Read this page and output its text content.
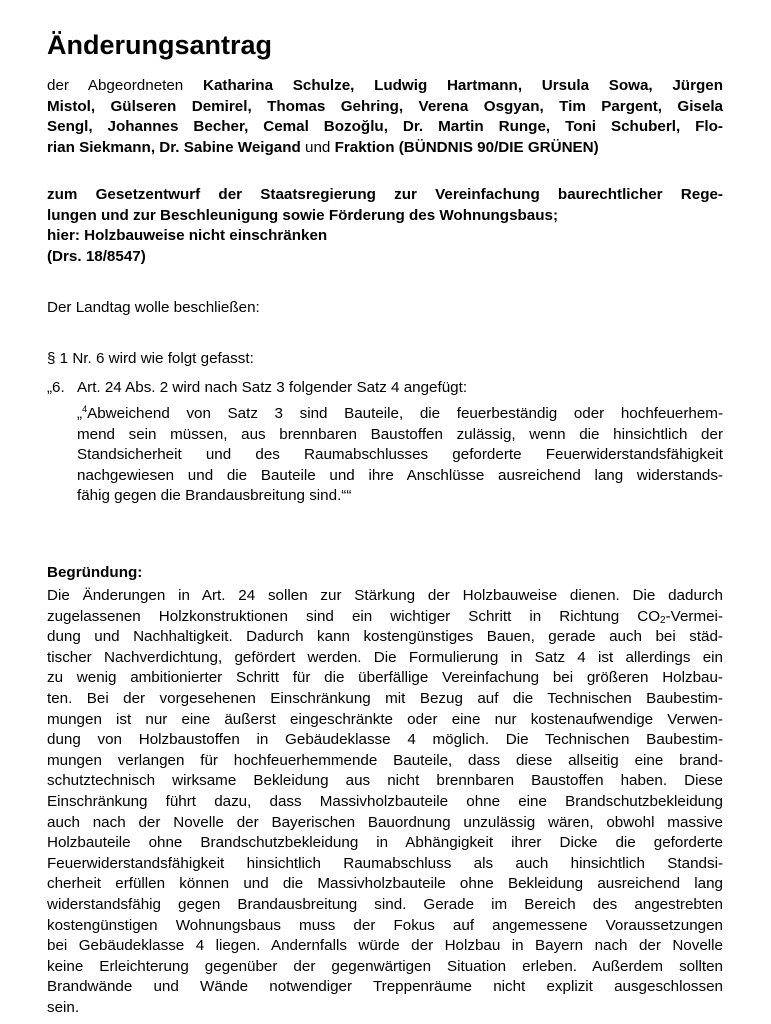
Änderungsantrag
der Abgeordneten Katharina Schulze, Ludwig Hartmann, Ursula Sowa, Jürgen
Mistol, Gülseren Demirel, Thomas Gehring, Verena Osgyan, Tim Pargent, Gisela
Sengl, Johannes Becher, Cemal Bozoğlu, Dr. Martin Runge, Toni Schuberl, Flo-
rian Siekmann, Dr. Sabine Weigand und Fraktion (BÜNDNIS 90/DIE GRÜNEN)
zum Gesetzentwurf der Staatsregierung zur Vereinfachung baurechtlicher Rege-
lungen und zur Beschleunigung sowie Förderung des Wohnungsbaus;
hier: Holzbauweise nicht einschränken
(Drs. 18/8547)
Der Landtag wolle beschließen:
§ 1 Nr. 6 wird wie folgt gefasst:
„6. Art. 24 Abs. 2 wird nach Satz 3 folgender Satz 4 angefügt:
„$^4$Abweichend von Satz 3 sind Bauteile, die feuerbeständig oder hochfeuerhem-
mend sein müssen, aus brennbaren Baustoffen zulässig, wenn die hinsichtlich der
Standsicherheit und des Raumabschlusses geforderte Feuerwiderstandsfähigkeit
nachgewiesen und die Bauteile und ihre Anschlüsse ausreichend lang widerstands-
fähig gegen die Brandausbreitung sind.““
Begründung:
Die Änderungen in Art. 24 sollen zur Stärkung der Holzbauweise dienen. Die dadurch
zugelassenen Holzkonstruktionen sind ein wichtiger Schritt in Richtung $CO_2-Vermei-$
dung und Nachhaltigkeit. Dadurch kann kostengünstiges Bauen, gerade auch bei städ-
tischer Nachverdichtung, gefördert werden. Die Formulierung in Satz 4 ist allerdings ein
zu wenig ambitionierter Schritt für die überfällige Vereinfachung bei größeren Holzbau-
ten. Bei der vorgesehenen Einschränkung mit Bezug auf die Technischen Baubestim-
mungen ist nur eine äußerst eingeschränkte oder eine nur kostenaufwendige Verwen-
dung von Holzbaustoffen in Gebäudeklasse 4 möglich. Die Technischen Baubestim-
mungen verlangen für hochfeuerhemmende Bauteile, dass diese allseitig eine brand-
schutztechnisch wirksame Bekleidung aus nicht brennbaren Baustoffen haben. Diese
Einschränkung führt dazu, dass Massivholzbauteile ohne eine Brandschutzbekleidung
auch nach der Novelle der Bayerischen Bauordnung unzulässig wären, obwohl massive
Holzbauteile ohne Brandschutzbekleidung in Abhängigkeit ihrer Dicke die geforderte
Feuerwiderstandsfähigkeit hinsichtlich Raumabschluss als auch hinsichtlich Standsi-
cherheit erfüllen können und die Massivholzbauteile ohne Bekleidung ausreichend lang
widerstandsfähig gegen Brandausbreitung sind. Gerade im Bereich des angestrebten
kostengünstigen Wohnungsbaus muss der Fokus auf angemessene Voraussetzungen
bei Gebäudeklasse 4 liegen. Andernfalls würde der Holzbau in Bayern nach der Novelle
keine Erleichterung gegenüber der gegenwärtigen Situation erleben. Außerdem sollten
Brandwände und Wände notwendiger Treppenräume nicht explizit ausgeschlossen
sein.
